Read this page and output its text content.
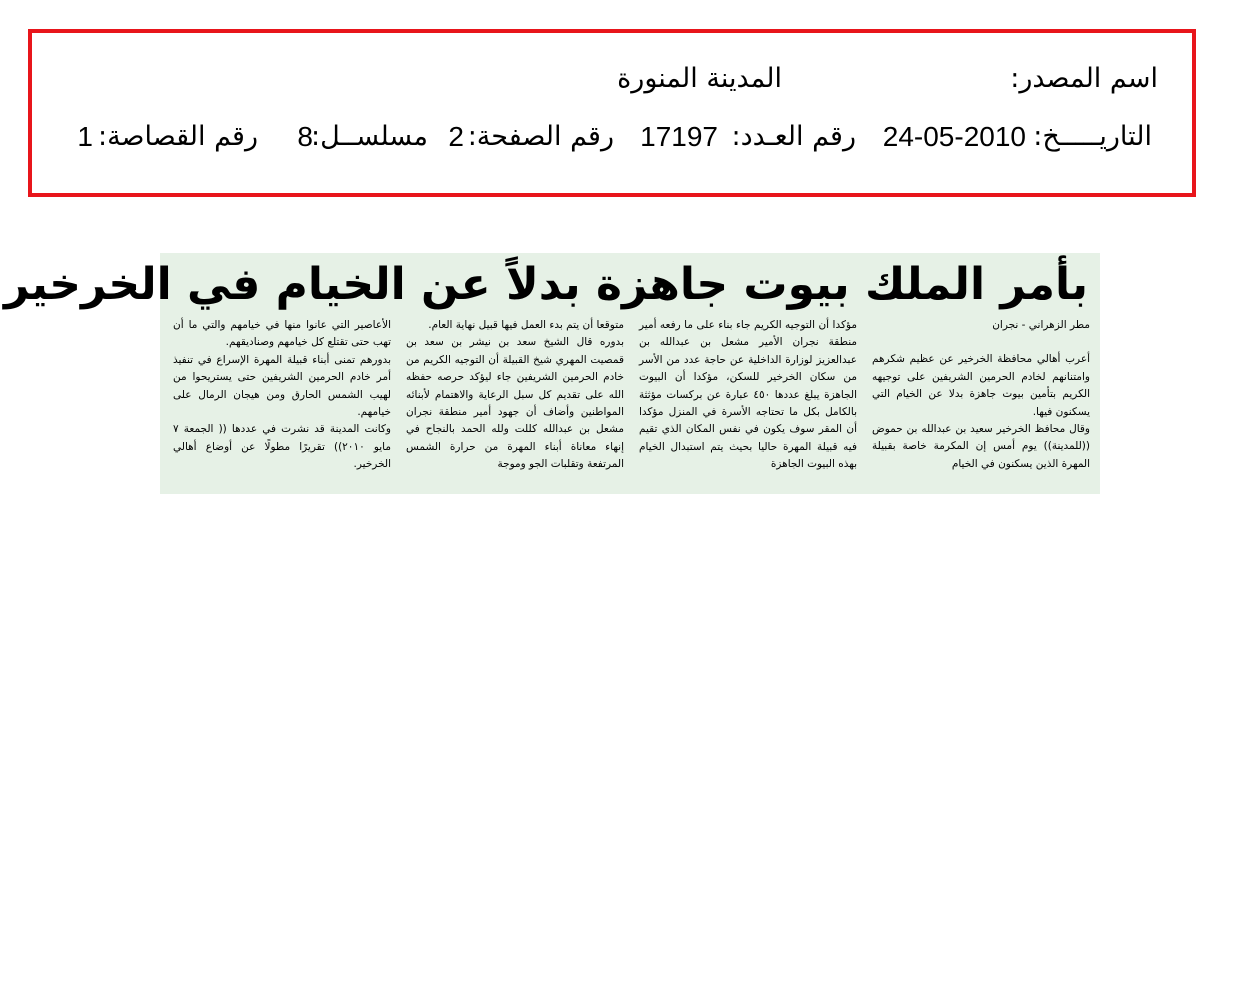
اسم المصدر:
المدينة المنورة
التاريـــــخ:
24-05-2010
رقم العـدد:
17197
رقم الصفحة:
2
مسلســل:
8
رقم القصاصة:
1
بأمر الملك بيوت جاهزة بدلاً عن الخيام في الخرخير

مطر الزهراني - نجران

أعرب أهالي محافظة الخرخير عن عظيم شكرهم وامتنانهم لخادم الحرمين الشريفين على توجيهه الكريم بتأمين بيوت جاهزة بدلا عن الخيام التي يسكنون فيها.

وقال محافظ الخرخير سعيد بن عبدالله بن حموض ((للمدينة)) يوم أمس إن المكرمة خاصة بقبيلة المهرة الذين يسكنون في الخيام

مؤكدا أن التوجيه الكريم جاء بناء على ما رفعه أمير منطقة نجران الأمير مشعل بن عبدالله بن عبدالعزيز لوزارة الداخلية عن حاجة عدد من الأسر من سكان الخرخير للسكن، مؤكدا أن البيوت الجاهزة يبلغ عددها ٤٥٠ عبارة عن بركسات مؤثثة بالكامل بكل ما تحتاجه الأسرة في المنزل مؤكدا أن المقر سوف يكون في نفس المكان الذي تقيم فيه قبيلة المهرة حاليا بحيث يتم استبدال الخيام بهذه البيوت الجاهزة

متوقعا أن يتم بدء العمل فيها قبيل نهاية العام.

بدوره قال الشيخ سعد بن نيشر بن سعد بن قمصيت المهري شيخ القبيلة أن التوجيه الكريم من خادم الحرمين الشريفين جاء ليؤكد حرصه حفظه الله على تقديم كل سبل الرعاية والاهتمام لأبنائه المواطنين وأضاف أن جهود أمير منطقة نجران مشعل بن عبدالله كللت ولله الحمد بالنجاح في إنهاء معاناة أبناء المهرة من حرارة الشمس المرتفعة وتقلبات الجو وموجة

الأعاصير التي عانوا منها في خيامهم والتي ما أن تهب حتى تقتلع كل خيامهم وصناديقهم.

بدورهم تمنى أبناء قبيلة المهرة الإسراع في تنفيذ أمر خادم الحرمين الشريفين حتى يستريحوا من لهيب الشمس الحارق ومن هيجان الرمال على خيامهم.

وكانت المدينة قد نشرت في عددها (( الجمعة ٧ مايو ٢٠١٠)) تقريرًا مطولًا عن أوضاع أهالي الخرخير.
